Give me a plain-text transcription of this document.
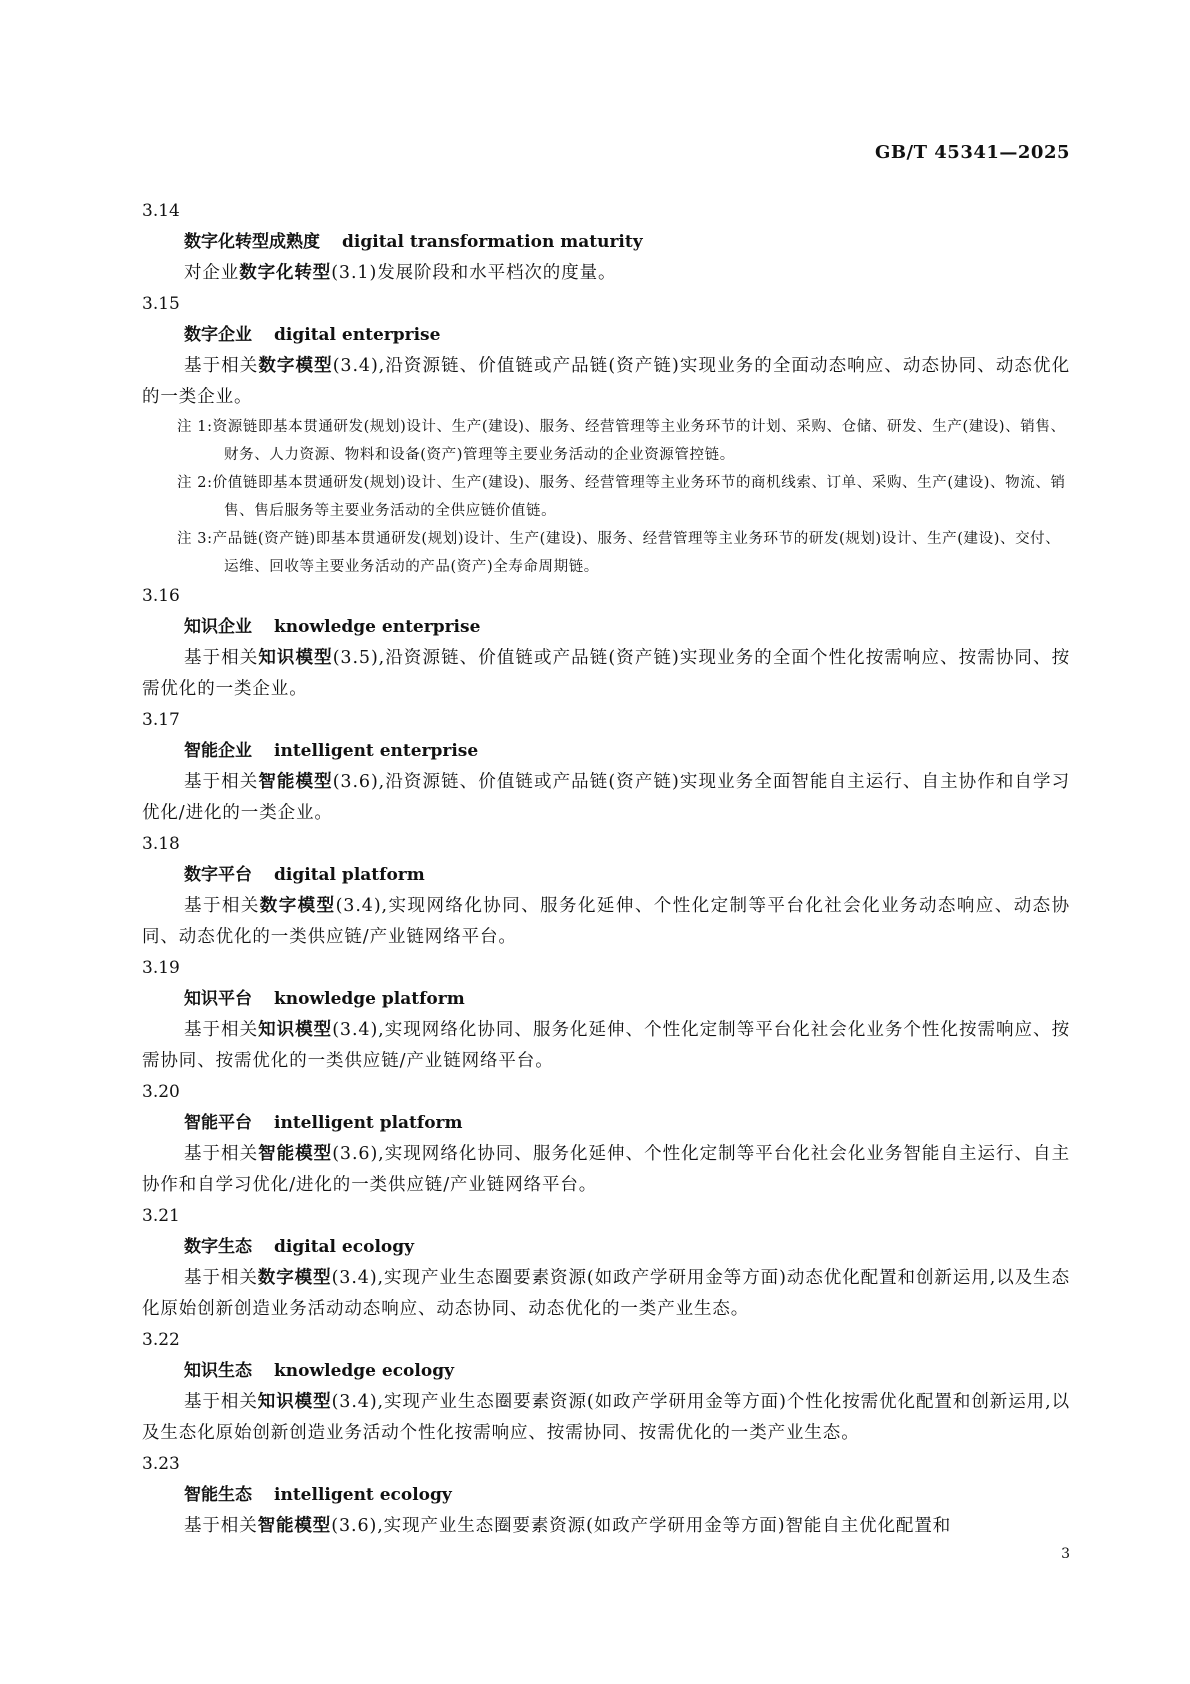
GB/T 45341—2025

3.14

数字化转型成熟度 digital transformation maturity

对企业数字化转型(3.1)发展阶段和水平档次的度量。

3.15

数字企业 digital enterprise

基于相关数字模型(3.4),沿资源链、价值链或产品链(资产链)实现业务的全面动态响应、动态协同、动态优化的一类企业。

注 1:资源链即基本贯通研发(规划)设计、生产(建设)、服务、经营管理等主业务环节的计划、采购、仓储、研发、生产(建设)、销售、财务、人力资源、物料和设备(资产)管理等主要业务活动的企业资源管控链。

注 2:价值链即基本贯通研发(规划)设计、生产(建设)、服务、经营管理等主业务环节的商机线索、订单、采购、生产(建设)、物流、销售、售后服务等主要业务活动的全供应链价值链。

注 3:产品链(资产链)即基本贯通研发(规划)设计、生产(建设)、服务、经营管理等主业务环节的研发(规划)设计、生产(建设)、交付、运维、回收等主要业务活动的产品(资产)全寿命周期链。

3.16

知识企业 knowledge enterprise

基于相关知识模型(3.5),沿资源链、价值链或产品链(资产链)实现业务的全面个性化按需响应、按需协同、按需优化的一类企业。

3.17

智能企业 intelligent enterprise

基于相关智能模型(3.6),沿资源链、价值链或产品链(资产链)实现业务全面智能自主运行、自主协作和自学习优化/进化的一类企业。

3.18

数字平台 digital platform

基于相关数字模型(3.4),实现网络化协同、服务化延伸、个性化定制等平台化社会化业务动态响应、动态协同、动态优化的一类供应链/产业链网络平台。

3.19

知识平台 knowledge platform

基于相关知识模型(3.4),实现网络化协同、服务化延伸、个性化定制等平台化社会化业务个性化按需响应、按需协同、按需优化的一类供应链/产业链网络平台。

3.20

智能平台 intelligent platform

基于相关智能模型(3.6),实现网络化协同、服务化延伸、个性化定制等平台化社会化业务智能自主运行、自主协作和自学习优化/进化的一类供应链/产业链网络平台。

3.21

数字生态 digital ecology

基于相关数字模型(3.4),实现产业生态圈要素资源(如政产学研用金等方面)动态优化配置和创新运用,以及生态化原始创新创造业务活动动态响应、动态协同、动态优化的一类产业生态。

3.22

知识生态 knowledge ecology

基于相关知识模型(3.4),实现产业生态圈要素资源(如政产学研用金等方面)个性化按需优化配置和创新运用,以及生态化原始创新创造业务活动个性化按需响应、按需协同、按需优化的一类产业生态。

3.23

智能生态 intelligent ecology

基于相关智能模型(3.6),实现产业生态圈要素资源(如政产学研用金等方面)智能自主优化配置和

3
